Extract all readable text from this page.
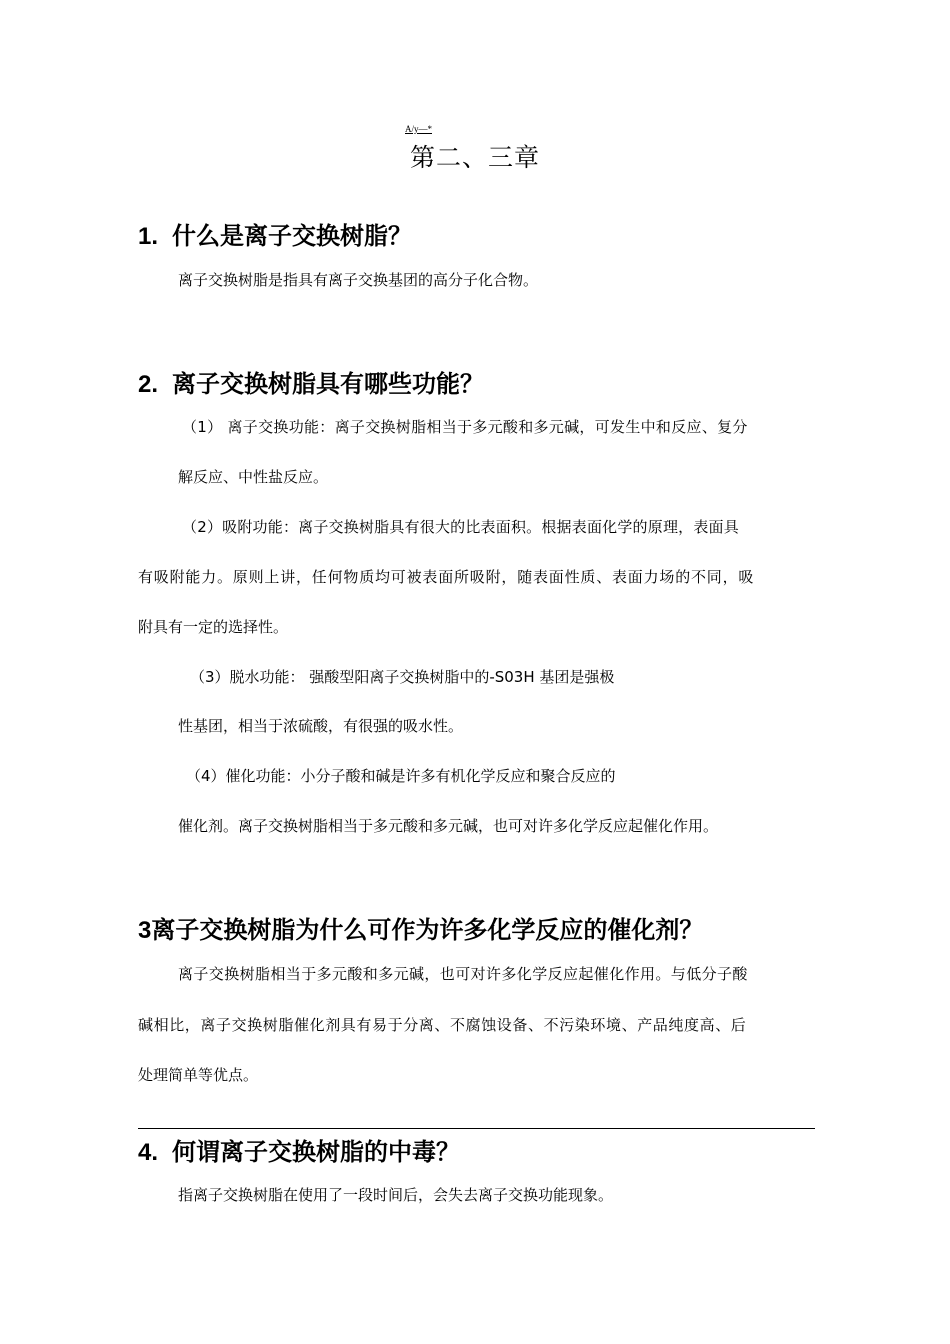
A/y—*
第二、三章
1. 什么是离子交换树脂？
离子交换树脂是指具有离子交换基团的高分子化合物。
2. 离子交换树脂具有哪些功能？
（1） 离子交换功能：离子交换树脂相当于多元酸和多元碱，可发生中和反应、复分
解反应、中性盐反应。
（2）吸附功能：离子交换树脂具有很大的比表面积。根据表面化学的原理，表面具
有吸附能力。原则上讲，任何物质均可被表面所吸附，随表面性质、表面力场的不同，吸
附具有一定的选择性。
（3）脱水功能： 强酸型阳离子交换树脂中的-S03H 基团是强极
性基团，相当于浓硫酸，有很强的吸水性。
（4）催化功能：小分子酸和碱是许多有机化学反应和聚合反应的
催化剂。离子交换树脂相当于多元酸和多元碱，也可对许多化学反应起催化作用。
3离子交换树脂为什么可作为许多化学反应的催化剂？
离子交换树脂相当于多元酸和多元碱，也可对许多化学反应起催化作用。与低分子酸
碱相比，离子交换树脂催化剂具有易于分离、不腐蚀设备、不污染环境、产品纯度高、后
处理简单等优点。
4. 何谓离子交换树脂的中毒？
指离子交换树脂在使用了一段时间后，会失去离子交换功能现象。
